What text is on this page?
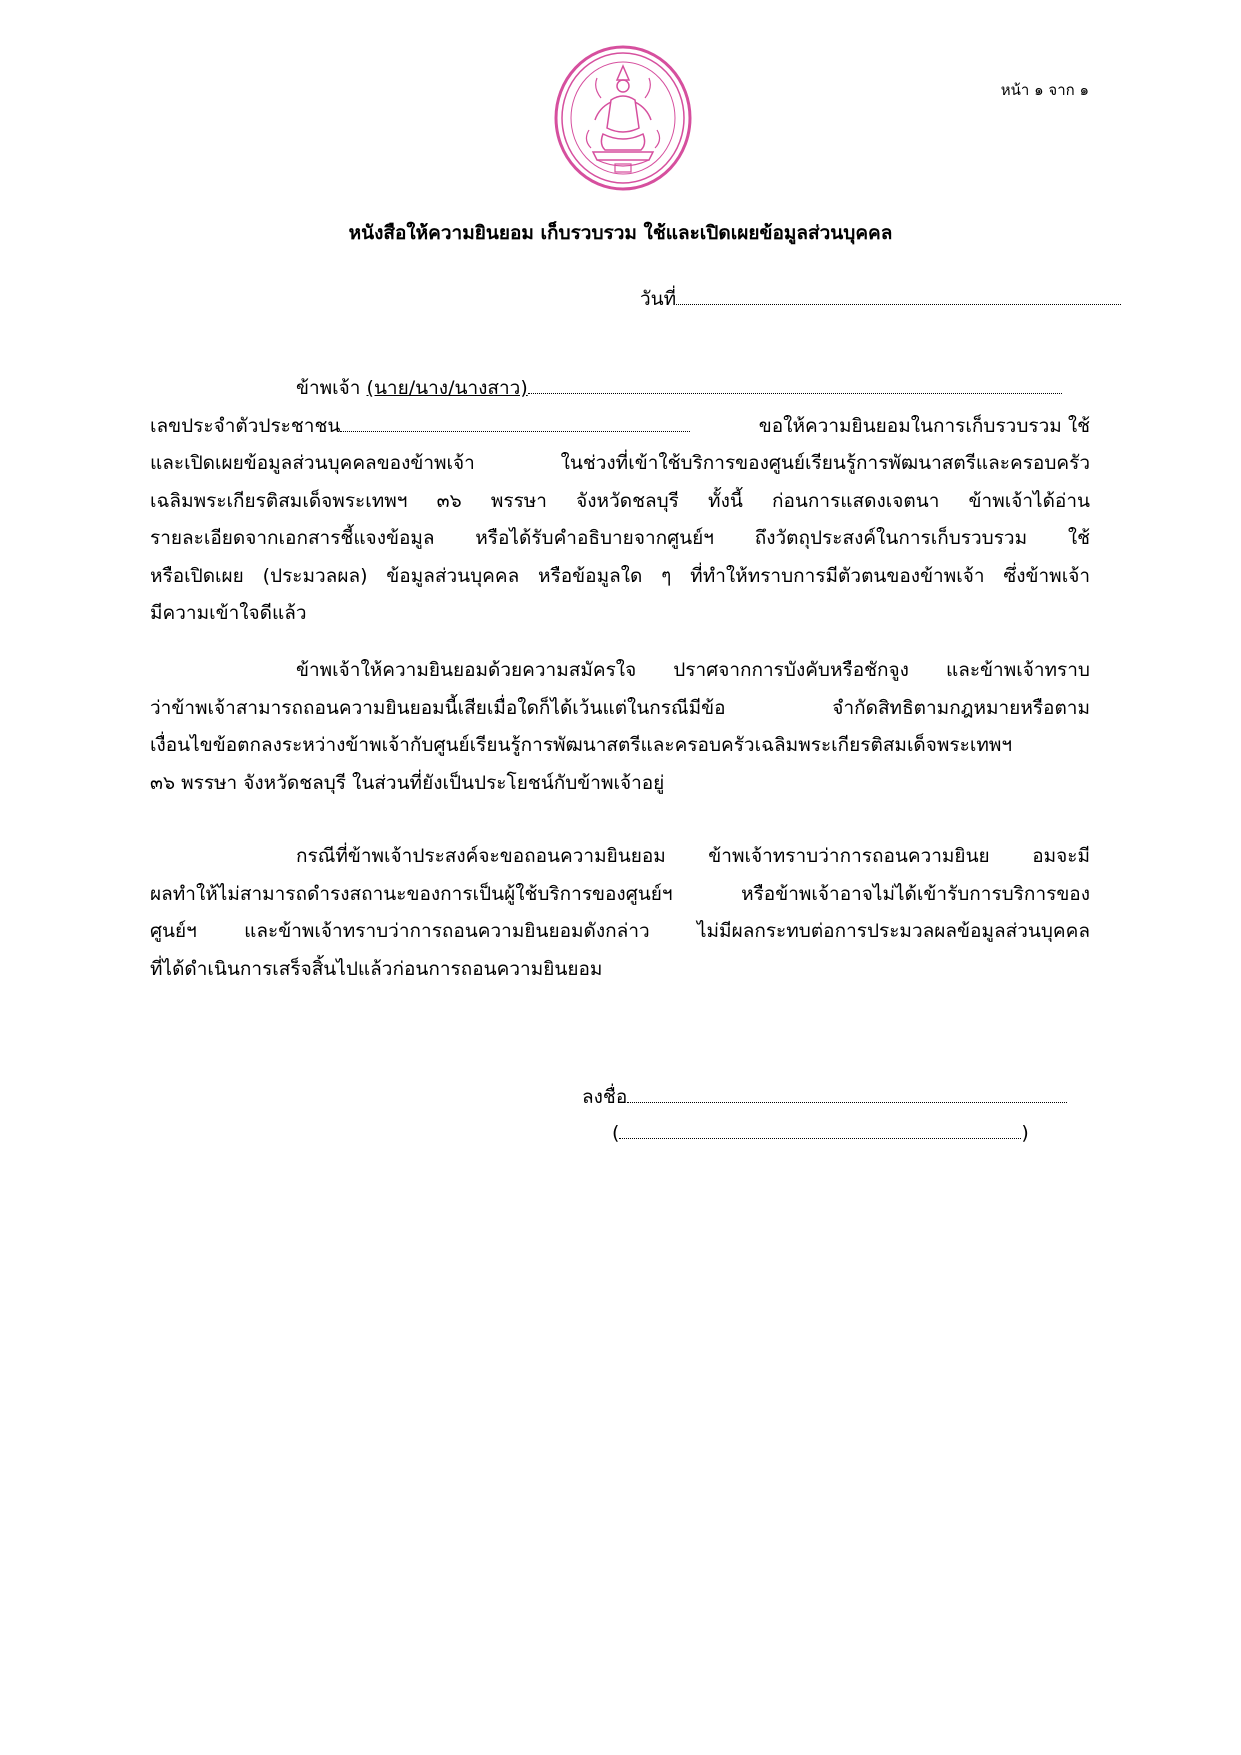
หน้า ๑ จาก ๑
หนังสือให้ความยินยอม เก็บรวบรวม ใช้และเปิดเผยข้อมูลส่วนบุคคล
วันที่
ข้าพเจ้า (นาย/นาง/นางสาว)
เลขประจำตัวประชาชน	ขอให้ความยินยอมในการเก็บรวบรวม ใช้
และเปิดเผยข้อมูลส่วนบุคคลของข้าพเจ้า ในช่วงที่เข้าใช้บริการของศูนย์เรียนรู้การพัฒนาสตรีและครอบครัว
เฉลิมพระเกียรติสมเด็จพระเทพฯ ๓๖ พรรษา จังหวัดชลบุรี ทั้งนี้ ก่อนการแสดงเจตนา ข้าพเจ้าได้อ่าน
รายละเอียดจากเอกสารชี้แจงข้อมูล หรือได้รับคำอธิบายจากศูนย์ฯ ถึงวัตถุประสงค์ในการเก็บรวบรวม ใช้
หรือเปิดเผย (ประมวลผล) ข้อมูลส่วนบุคคล หรือข้อมูลใด ๆ ที่ทำให้ทราบการมีตัวตนของข้าพเจ้า ซึ่งข้าพเจ้า
มีความเข้าใจดีแล้ว
ข้าพเจ้าให้ความยินยอมด้วยความสมัครใจ ปราศจากการบังคับหรือชักจูง และข้าพเจ้าทราบ
ว่าข้าพเจ้าสามารถถอนความยินยอมนี้เสียเมื่อใดก็ได้เว้นแต่ในกรณีมีข้อ จำกัดสิทธิตามกฎหมายหรือตาม
เงื่อนไขข้อตกลงระหว่างข้าพเจ้ากับศูนย์เรียนรู้การพัฒนาสตรีและครอบครัวเฉลิมพระเกียรติสมเด็จพระเทพฯ
๓๖ พรรษา จังหวัดชลบุรี ในส่วนที่ยังเป็นประโยชน์กับข้าพเจ้าอยู่
กรณีที่ข้าพเจ้าประสงค์จะขอถอนความยินยอม ข้าพเจ้าทราบว่าการถอนความยินย อมจะมี
ผลทำให้ไม่สามารถดำรงสถานะของการเป็นผู้ใช้บริการของศูนย์ฯ หรือข้าพเจ้าอาจไม่ได้เข้ารับการบริการของ
ศูนย์ฯ และข้าพเจ้าทราบว่าการถอนความยินยอมดังกล่าว ไม่มีผลกระทบต่อการประมวลผลข้อมูลส่วนบุคคล
ที่ได้ดำเนินการเสร็จสิ้นไปแล้วก่อนการถอนความยินยอม
ลงชื่อ
(	)
